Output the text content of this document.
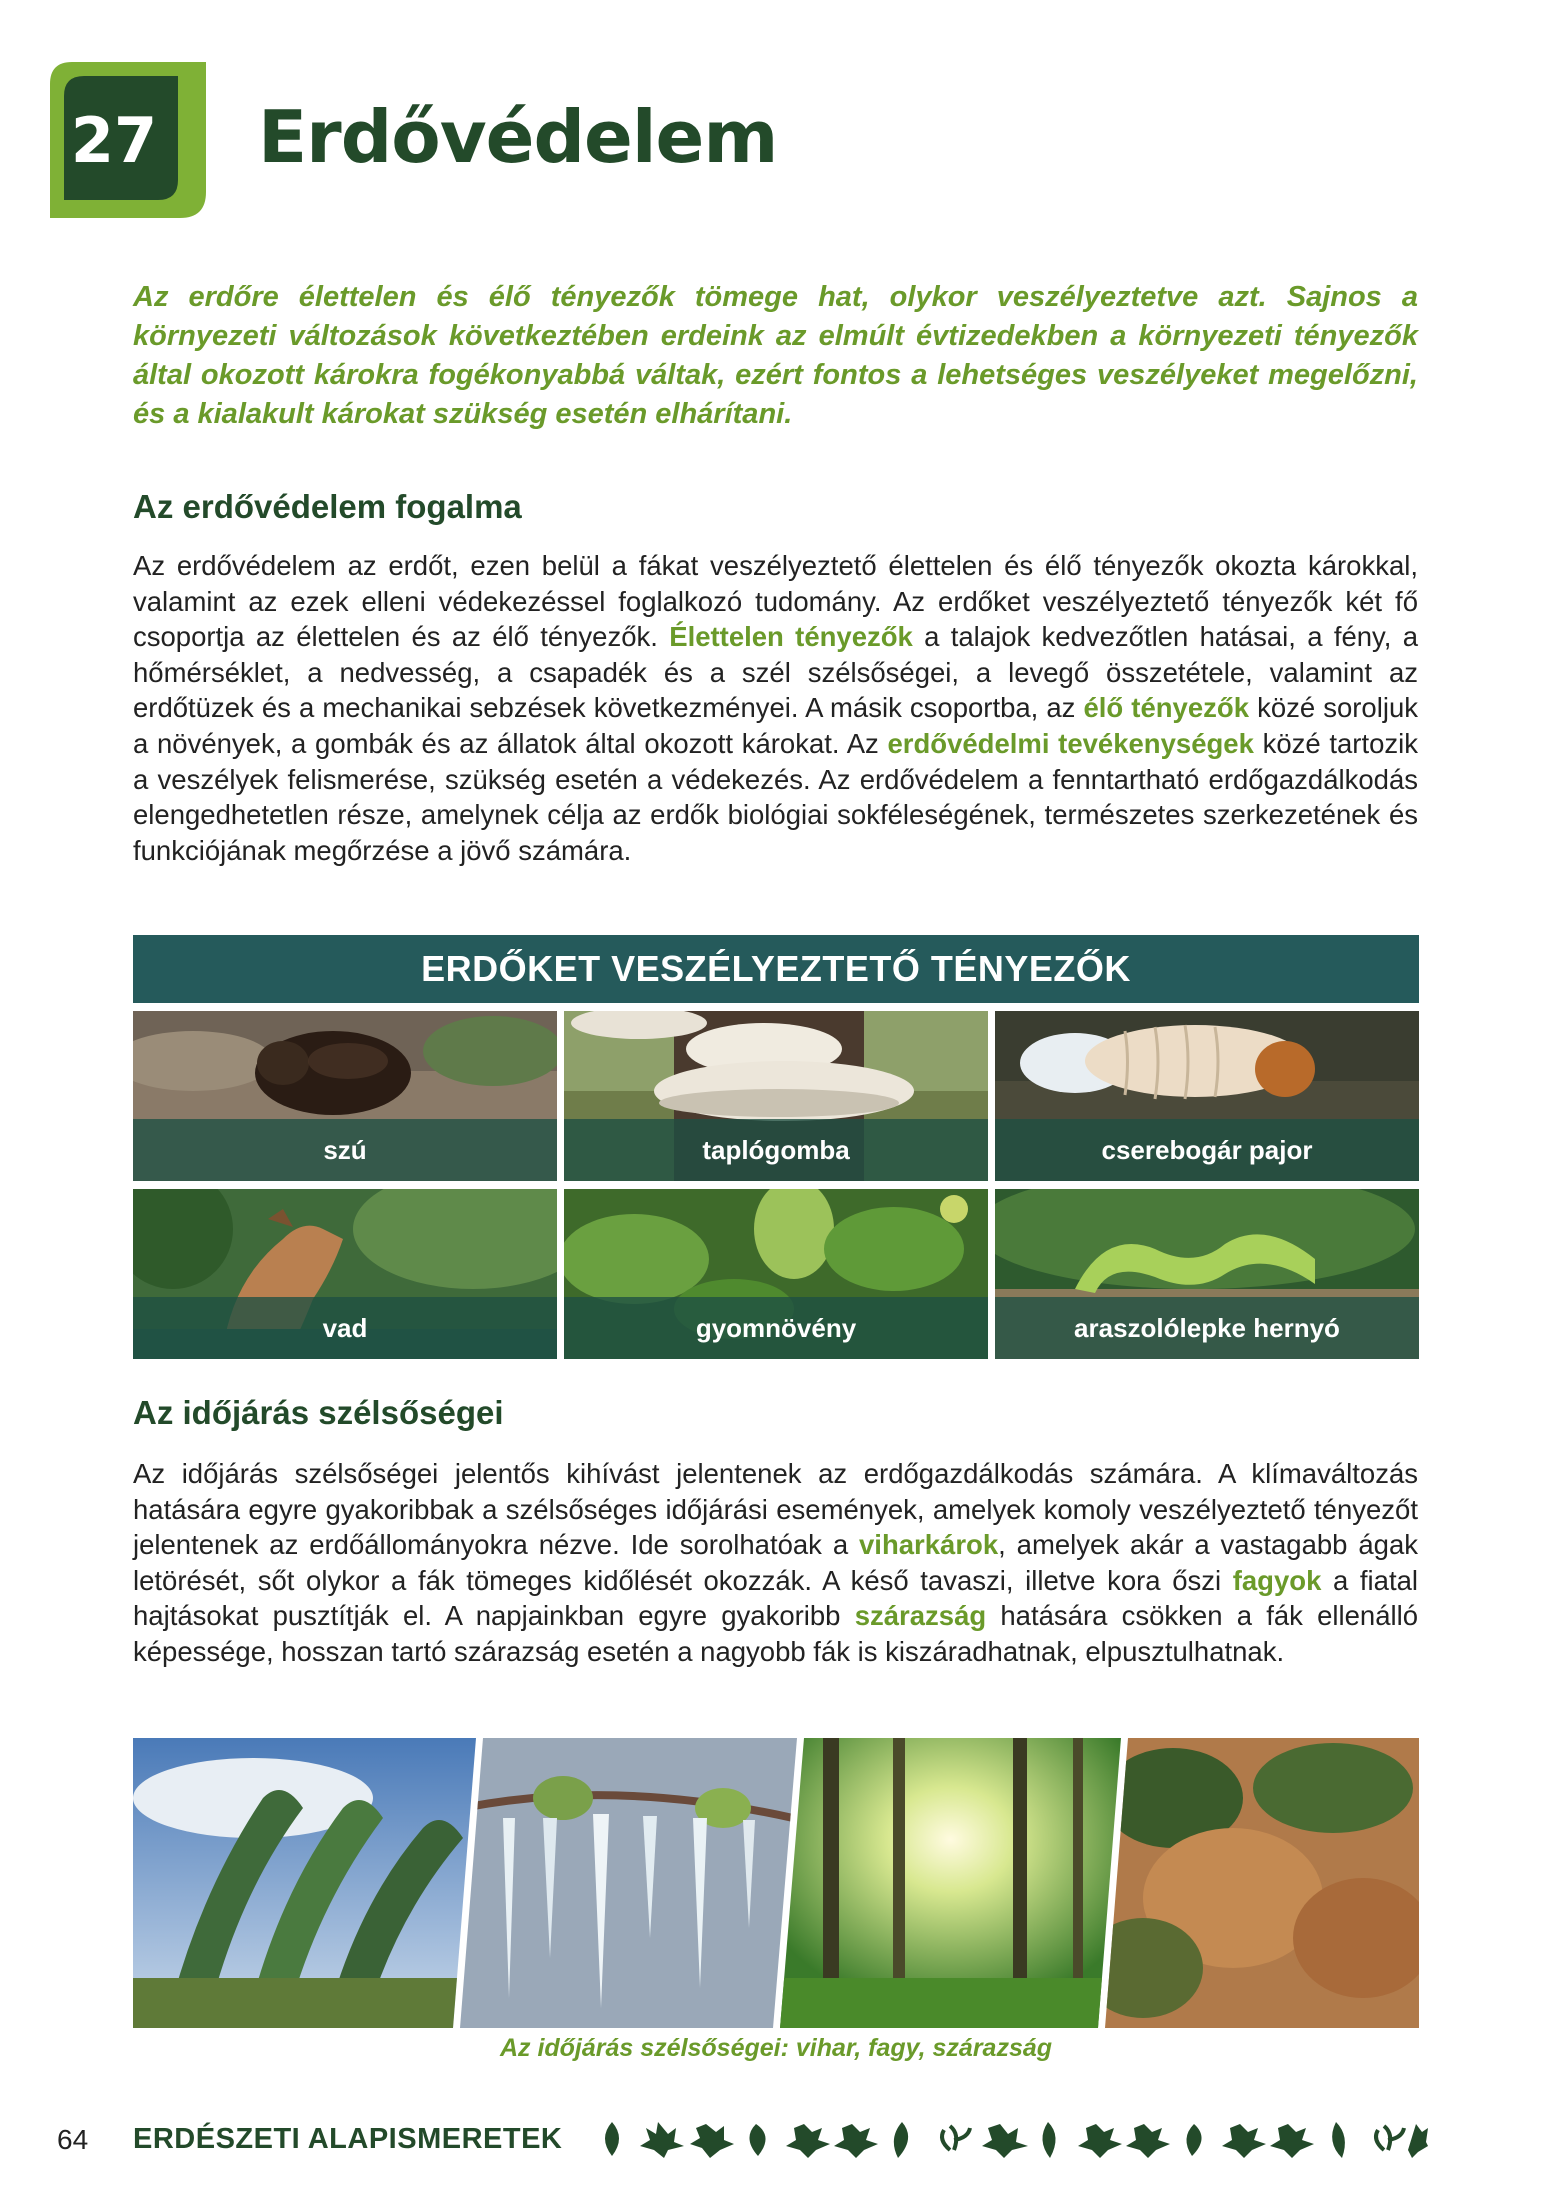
27 Erdővédelem

Az erdőre élettelen és élő tényezők tömege hat, olykor veszélyeztetve azt. Sajnos a környezeti változások következtében erdeink az elmúlt évtizedekben a környezeti tényezők által okozott károkra fogékonyabbá váltak, ezért fontos a lehetséges veszélyeket megelőzni, és a kialakult károkat szükség esetén elhárítani.

Az erdővédelem fogalma

Az erdővédelem az erdőt, ezen belül a fákat veszélyeztető élettelen és élő tényezők okozta károkkal, valamint az ezek elleni védekezéssel foglalkozó tudomány. Az erdőket veszélyeztető tényezők két fő csoportja az élettelen és az élő tényezők. Élettelen tényezők a talajok kedvezőtlen hatásai, a fény, a hőmérséklet, a nedvesség, a csapadék és a szél szélsőségei, a levegő összetétele, valamint az erdőtüzek és a mechanikai sebzések következményei. A másik csoportba, az élő tényezők közé soroljuk a növények, a gombák és az állatok által okozott károkat. Az erdővédelmi tevékenységek közé tartozik a veszélyek felismerése, szükség esetén a védekezés. Az erdővédelem a fenntartható erdőgazdálkodás elengedhetetlen része, amelynek célja az erdők biológiai sokféleségének, természetes szerkezetének és funkciójának megőrzése a jövő számára.

ERDŐKET VESZÉLYEZTETŐ TÉNYEZŐK
szú	taplógomba	cserebogár pajor
vad	gyomnövény	araszolólepke hernyó
Az időjárás szélsőségei

Az időjárás szélsőségei jelentős kihívást jelentenek az erdőgazdálkodás számára. A klímaváltozás hatására egyre gyakoribbak a szélsőséges időjárási események, amelyek komoly veszélyeztető tényezőt jelentenek az erdőállományokra nézve. Ide sorolhatóak a viharkárok, amelyek akár a vastagabb ágak letörését, sőt olykor a fák tömeges kidőlését okozzák. A késő tavaszi, illetve kora őszi fagyok a fiatal hajtásokat pusztítják el. A napjainkban egyre gyakoribb szárazság hatására csökken a fák ellenálló képessége, hosszan tartó szárazság esetén a nagyobb fák is kiszáradhatnak, elpusztulhatnak.

Az időjárás szélsőségei: vihar, fagy, szárazság

64 ERDÉSZETI ALAPISMERETEK
